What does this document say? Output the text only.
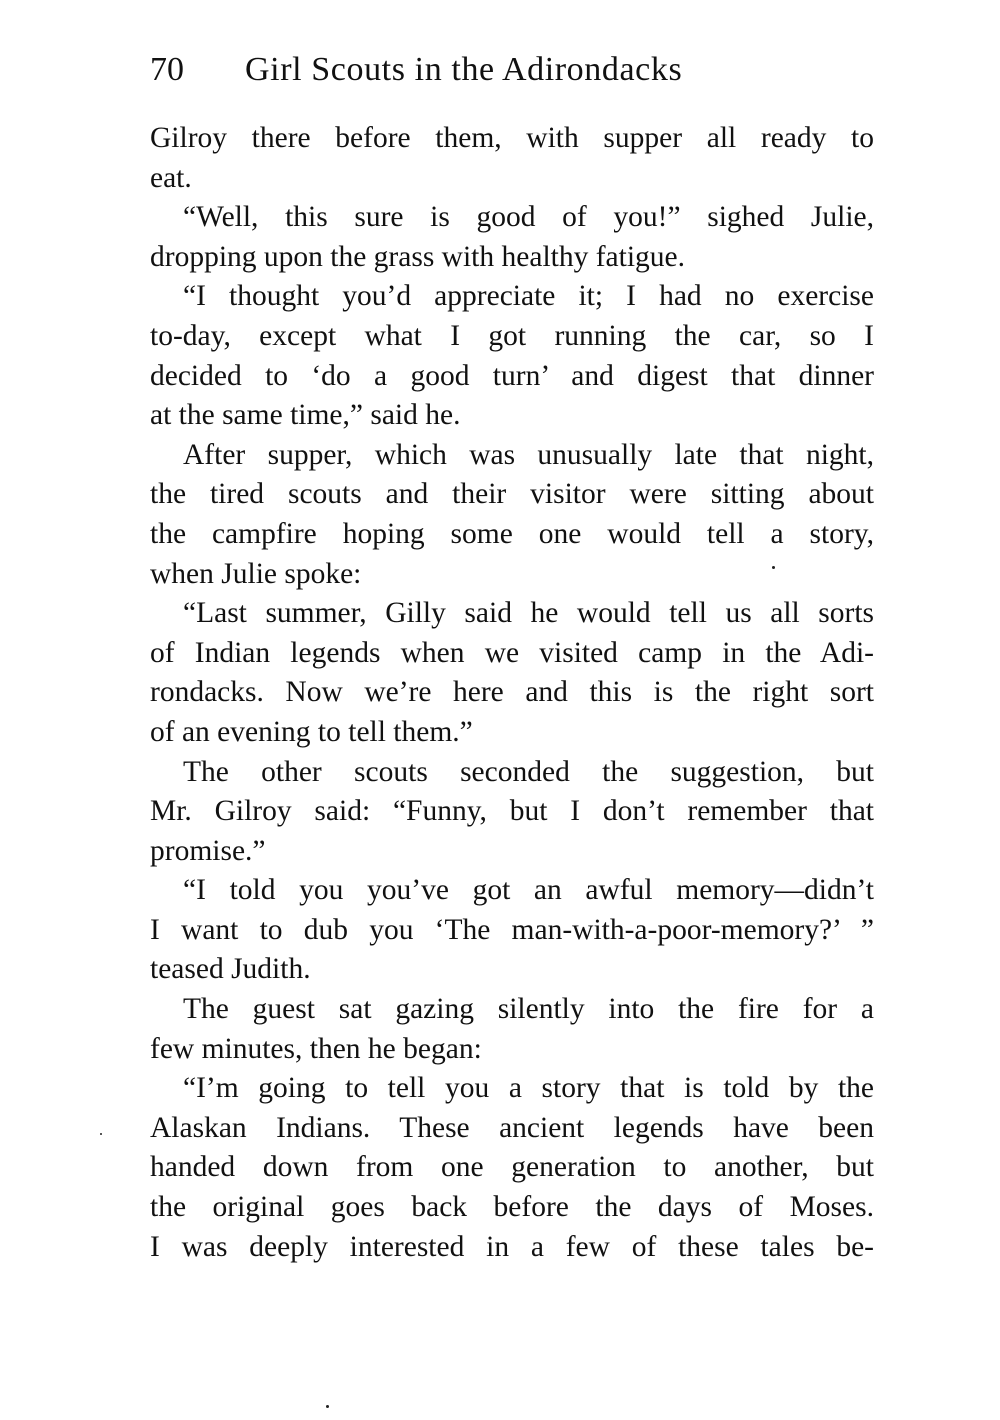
70 Girl Scouts in the Adirondacks
Gilroy there before them, with supper all ready to
eat.
“Well, this sure is good of you!” sighed Julie,
dropping upon the grass with healthy fatigue.
“I thought you’d appreciate it; I had no exercise
to-day, except what I got running the car, so I
decided to ‘do a good turn’ and digest that dinner
at the same time,” said he.
After supper, which was unusually late that night,
the tired scouts and their visitor were sitting about
the campfire hoping some one would tell a story,
when Julie spoke:
“Last summer, Gilly said he would tell us all sorts
of Indian legends when we visited camp in the Adi-
rondacks. Now we’re here and this is the right sort
of an evening to tell them.”
The other scouts seconded the suggestion, but
Mr. Gilroy said: “Funny, but I don’t remember that
promise.”
“I told you you’ve got an awful memory—didn’t
I want to dub you ‘The man-with-a-poor-memory?’ ”
teased Judith.
The guest sat gazing silently into the fire for a
few minutes, then he began:
“I’m going to tell you a story that is told by the
Alaskan Indians. These ancient legends have been
handed down from one generation to another, but
the original goes back before the days of Moses.
I was deeply interested in a few of these tales be-
